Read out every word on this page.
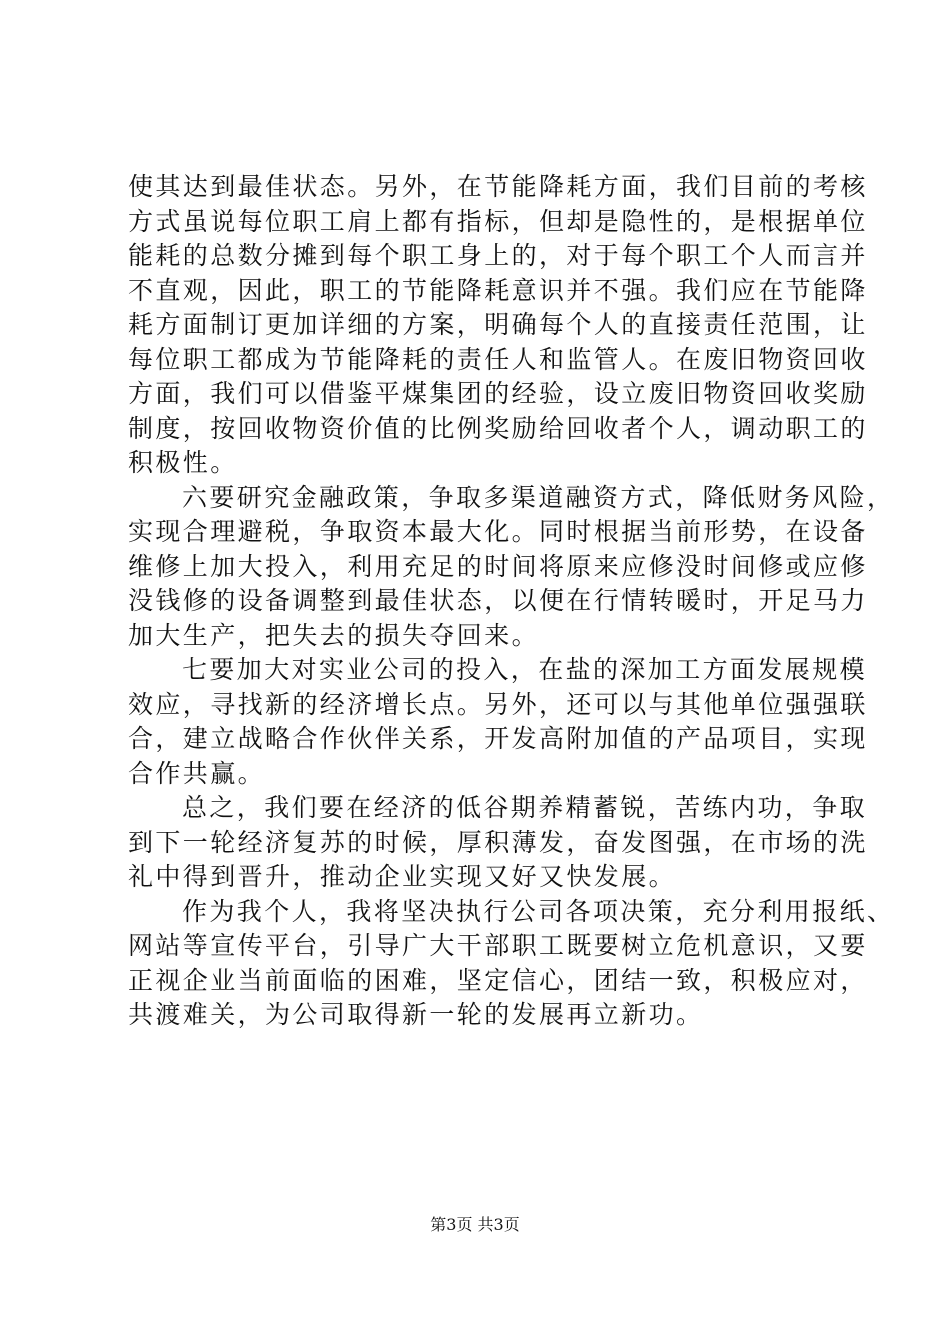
使其达到最佳状态。另外，在节能降耗方面，我们目前的考核
方式虽说每位职工肩上都有指标，但却是隐性的，是根据单位
能耗的总数分摊到每个职工身上的，对于每个职工个人而言并
不直观，因此，职工的节能降耗意识并不强。我们应在节能降
耗方面制订更加详细的方案，明确每个人的直接责任范围，让
每位职工都成为节能降耗的责任人和监管人。在废旧物资回收
方面，我们可以借鉴平煤集团的经验，设立废旧物资回收奖励
制度，按回收物资价值的比例奖励给回收者个人，调动职工的
积极性。
六要研究金融政策，争取多渠道融资方式，降低财务风险，
实现合理避税，争取资本最大化。同时根据当前形势，在设备
维修上加大投入，利用充足的时间将原来应修没时间修或应修
没钱修的设备调整到最佳状态，以便在行情转暖时，开足马力
加大生产，把失去的损失夺回来。
七要加大对实业公司的投入，在盐的深加工方面发展规模
效应，寻找新的经济增长点。另外，还可以与其他单位强强联
合，建立战略合作伙伴关系，开发高附加值的产品项目，实现
合作共赢。
总之，我们要在经济的低谷期养精蓄锐，苦练内功，争取
到下一轮经济复苏的时候，厚积薄发，奋发图强，在市场的洗
礼中得到晋升，推动企业实现又好又快发展。
作为我个人，我将坚决执行公司各项决策，充分利用报纸、
网站等宣传平台，引导广大干部职工既要树立危机意识，又要
正视企业当前面临的困难，坚定信心，团结一致，积极应对，
共渡难关，为公司取得新一轮的发展再立新功。
第3页 共3页
